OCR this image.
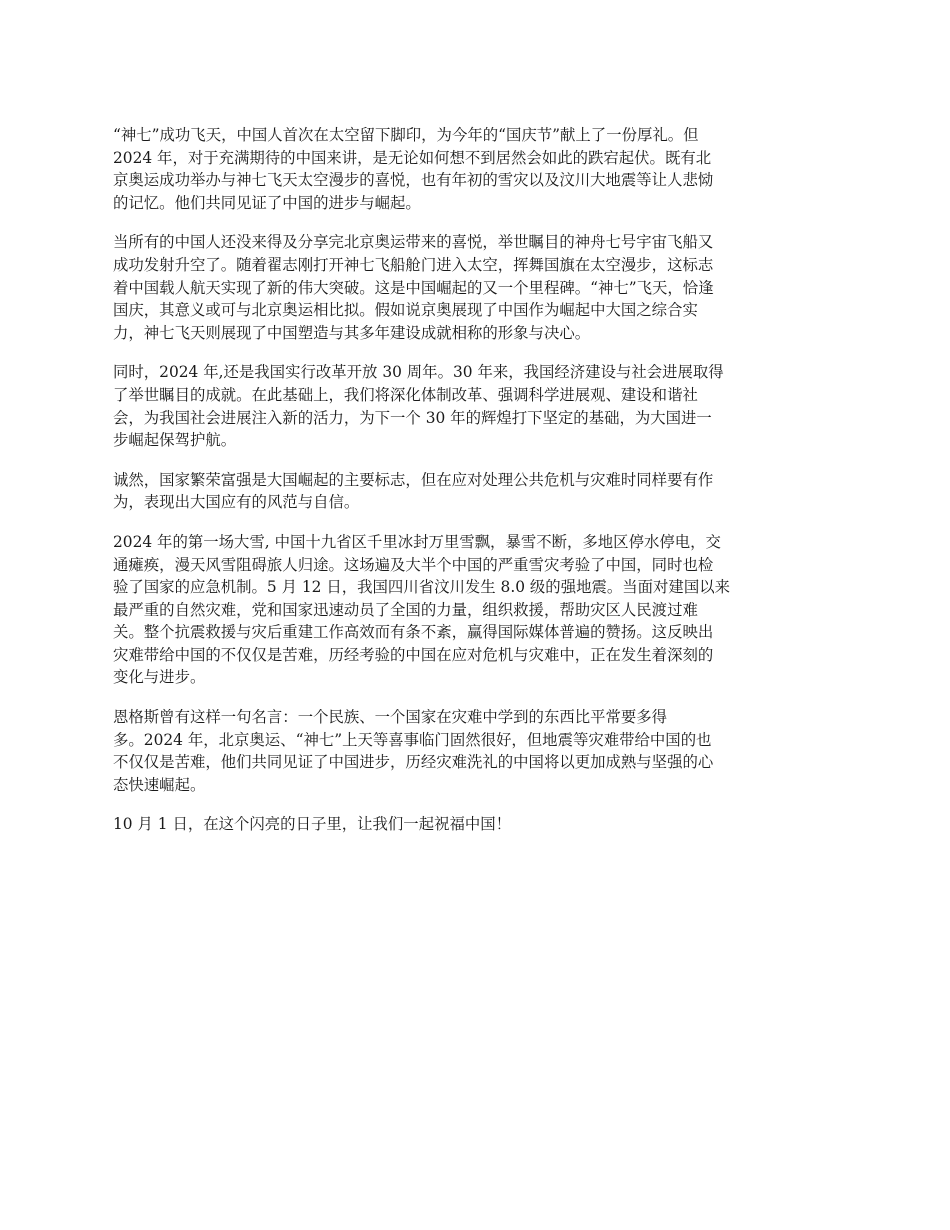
“神七”成功飞天，中国人首次在太空留下脚印，为今年的“国庆节”献上了一份厚礼。但
2024 年，对于充满期待的中国来讲，是无论如何想不到居然会如此的跌宕起伏。既有北
京奥运成功举办与神七飞天太空漫步的喜悦，也有年初的雪灾以及汶川大地震等让人悲恸
的记忆。他们共同见证了中国的进步与崛起。

当所有的中国人还没来得及分享完北京奥运带来的喜悦，举世瞩目的神舟七号宇宙飞船又
成功发射升空了。随着翟志刚打开神七飞船舱门进入太空，挥舞国旗在太空漫步，这标志
着中国载人航天实现了新的伟大突破。这是中国崛起的又一个里程碑。“神七”飞天，恰逢
国庆，其意义或可与北京奥运相比拟。假如说京奥展现了中国作为崛起中大国之综合实
力，神七飞天则展现了中国塑造与其多年建设成就相称的形象与决心。

同时，2024 年,还是我国实行改革开放 30 周年。30 年来，我国经济建设与社会进展取得
了举世瞩目的成就。在此基础上，我们将深化体制改革、强调科学进展观、建设和谐社
会，为我国社会进展注入新的活力，为下一个 30 年的辉煌打下坚定的基础，为大国进一
步崛起保驾护航。

诚然，国家繁荣富强是大国崛起的主要标志，但在应对处理公共危机与灾难时同样要有作
为，表现出大国应有的风范与自信。

2024 年的第一场大雪, 中国十九省区千里冰封万里雪飘，暴雪不断，多地区停水停电，交
通瘫痪，漫天风雪阻碍旅人归途。这场遍及大半个中国的严重雪灾考验了中国，同时也检
验了国家的应急机制。5 月 12 日，我国四川省汶川发生 8.0 级的强地震。当面对建国以来
最严重的自然灾难，党和国家迅速动员了全国的力量，组织救援，帮助灾区人民渡过难
关。整个抗震救援与灾后重建工作高效而有条不紊，赢得国际媒体普遍的赞扬。这反映出
灾难带给中国的不仅仅是苦难，历经考验的中国在应对危机与灾难中，正在发生着深刻的
变化与进步。

恩格斯曾有这样一句名言：一个民族、一个国家在灾难中学到的东西比平常要多得
多。2024 年，北京奥运、“神七”上天等喜事临门固然很好，但地震等灾难带给中国的也
不仅仅是苦难，他们共同见证了中国进步，历经灾难洗礼的中国将以更加成熟与坚强的心
态快速崛起。

10 月 1 日，在这个闪亮的日子里，让我们一起祝福中国！
